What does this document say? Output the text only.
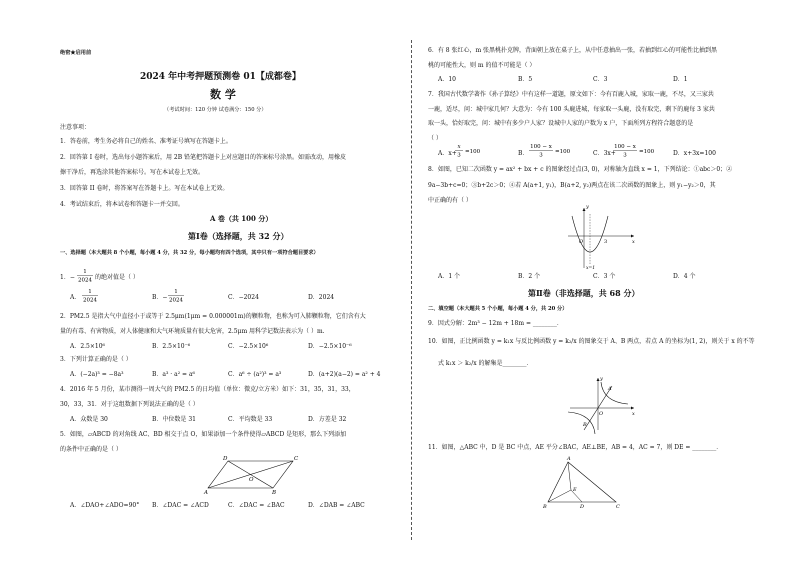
绝密★启用前
2024 年中考押题预测卷 01【成都卷】
数 学
（考试时间：120 分钟 试卷满分：150 分）
注意事项：
1．答卷前，考生务必将自己的姓名、准考证号填写在答题卡上。
2．回答第 I 卷时，选出每小题答案后，用 2B 铅笔把答题卡上对应题目的答案标号涂黑。如需改动，用橡皮
擦干净后，再选涂其他答案标号。写在本试卷上无效。
3．回答第 II 卷时，将答案写在答题卡上。写在本试卷上无效。
4．考试结束后，将本试卷和答题卡一并交回。
A 卷（共 100 分）
第Ⅰ卷（选择题，共 32 分）
一、选择题（本大题共 8 个小题，每小题 4 分，共 32 分，每小题均有四个选项，其中只有一项符合题目要求）
1．−
1
2024 的绝对值是（ ）
A．
1
2024	B．−
1
2024	C．−2024	D．2024
2．PM2.5 是指大气中直径小于或等于 2.5μm(1μm = 0.000001m)的颗粒物，也称为可入肺颗粒物，它们含有大
量的有毒、有害物质，对人体健康和大气环境质量有很大危害，2.5μm 用科学记数法表示为（ ）m.
A．2.5×10⁶	B．2.5×10⁻⁶	C．−2.5×10⁶	D．−2.5×10⁻⁶
3．下列计算正确的是（ ）
A．(−2a)³ = −8a³	B．a³ · a² = a⁶	C．a⁶ ÷ (a²)³ = a³	D．(a+2)(a−2) = a² + 4
4．2016 年 5 月份，某市测得一周大气的 PM2.5 的日均值（单位：微克/立方米）如下：31，35，31，33，
30，33，31．对于这组数据下列说法正确的是（ ）
A．众数是 30	B．中位数是 31	C．平均数是 33	D．方差是 32
5．如图，▱ABCD 的对角线 AC、BD 相交于点 O，如果添加一个条件使得▱ABCD 是矩形，那么下列添加
的条件中正确的是（ ）
D	C
A	B
O
A．∠DAO+∠ADO=90° B．∠DAC = ∠ACD	C．∠DAC = ∠BAC	D．∠DAB = ∠ABC
6．有 8 张红心，m 张黑桃扑克牌，背面朝上放在桌子上，从中任意抽出一张，若抽到红心的可能性比抽到黑
桃的可能性大，则 m 的值不可能是（ ）
A．10	B．5	C．3	D．1
7．我国古代数学著作《孙子算经》中有这样一道题，原文如下：今有百鹿入城，家取一鹿，不尽，又三家共
一鹿，适尽，问：城中家几何？大意为：今有 100 头鹿进城，每家取一头鹿，没有取完，剩下的鹿每 3 家共
取一头，恰好取完，问：城中有多少户人家？设城中人家的户数为 x 户，下面所列方程符合题意的是
（ ）
A．x+
x
3
=100	B．
100 − x
3
=100	C．3x+
100 − x
3
=100	D．x+3x=100
8．如图，已知二次函数 y = ax² + bx + c 的图象经过点(3, 0)，对称轴为直线 x = 1，下列结论：①abc＞0；②
9a−3b+c=0；③b+2c＞0；④若 A(a+1, y₁)，B(a+2, y₂)两点在该二次函数的图象上，则 y₁−y₂＞0，其
中正确的有（ ）
y
x
O	3
x=1
A．1 个	B．2 个	C．3 个	D．4 个
第Ⅱ卷（非选择题，共 68 分）
二、填空题（本大题共 5 个小题，每小题 4 分，共 20 分）
9．因式分解：2m³ − 12m + 18m = ________．
10．如图，正比例函数 y = k₁x 与反比例函数 y = k₂/x 的图象交于 A、B 两点，若点 A 的坐标为(1, 2)，则关于 x 的不等
式 k₁x ＞ k₂/x 的解集是________．
A
B
y
x
O
11．如图，△ABC 中，D 是 BC 中点，AE 平分∠BAC，AE⊥BE，AB = 4，AC = 7，则 DE = ________．
A
B	C
D
E
